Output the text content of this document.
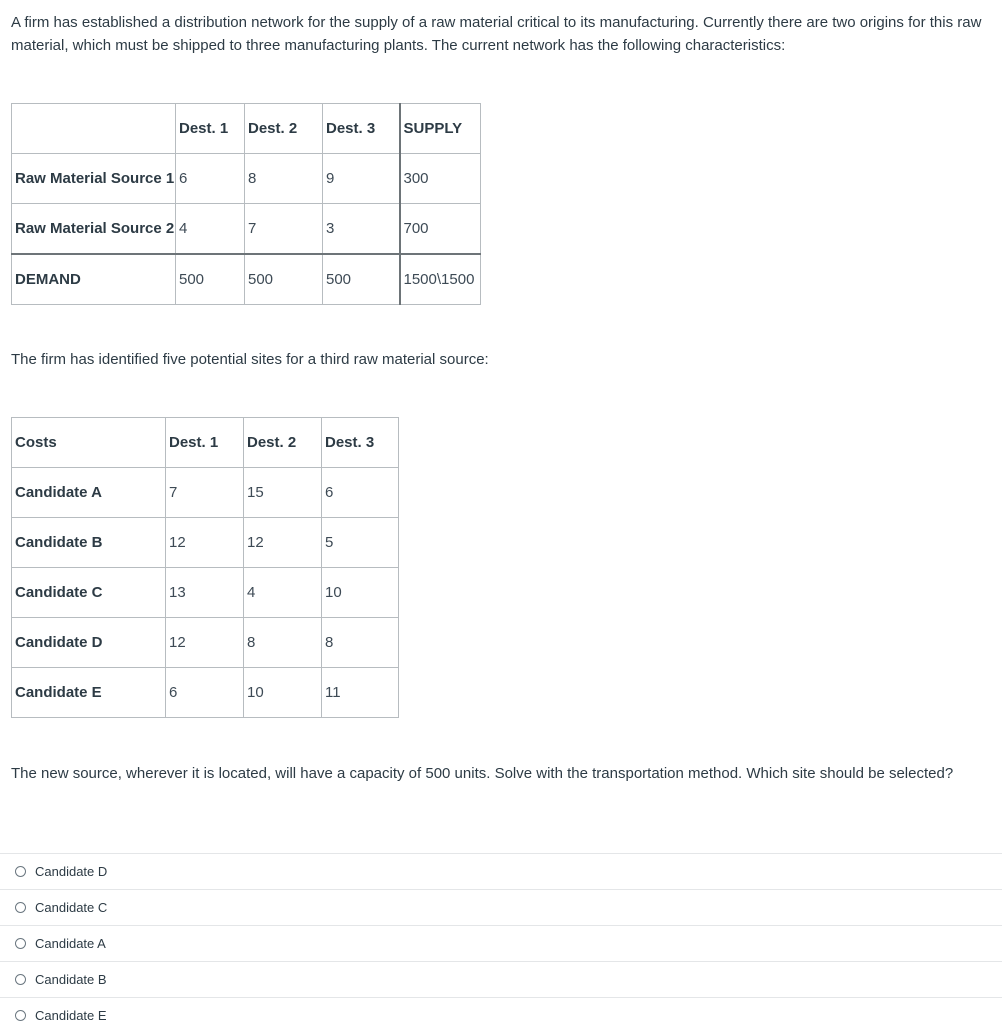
A firm has established a distribution network for the supply of a raw material critical to its manufacturing. Currently there are two origins for this raw material, which must be shipped to three manufacturing plants. The current network has the following characteristics:

	Dest. 1	Dest. 2	Dest. 3	SUPPLY
Raw Material Source 1	6	8	9	300
Raw Material Source 2	4	7	3	700
DEMAND	500	500	500	1500\1500

The firm has identified five potential sites for a third raw material source:

Costs	Dest. 1	Dest. 2	Dest. 3
Candidate A	7	15	6
Candidate B	12	12	5
Candidate C	13	4	10
Candidate D	12	8	8
Candidate E	6	10	11

The new source, wherever it is located, will have a capacity of 500 units. Solve with the transportation method. Which site should be selected?

Candidate D
Candidate C
Candidate A
Candidate B
Candidate E
